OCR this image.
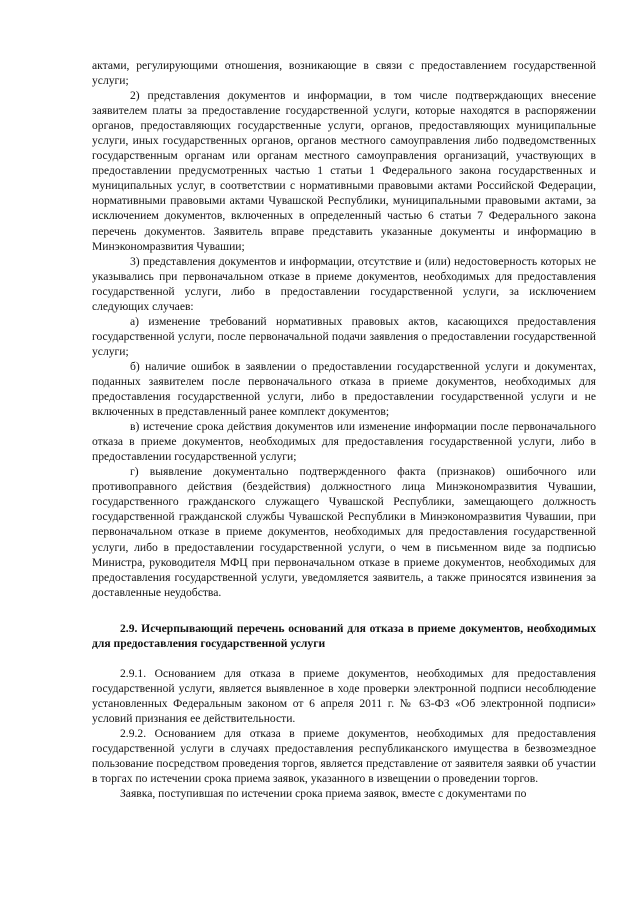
актами, регулирующими отношения, возникающие в связи с предоставлением государственной услуги;

2) представления документов и информации, в том числе подтверждающих внесение заявителем платы за предоставление государственной услуги, которые находятся в распоряжении органов, предоставляющих государственные услуги, органов, предоставляющих муниципальные услуги, иных государственных органов, органов местного самоуправления либо подведомственных государственным органам или органам местного самоуправления организаций, участвующих в предоставлении предусмотренных частью 1 статьи 1 Федерального закона государственных и муниципальных услуг, в соответствии с нормативными правовыми актами Российской Федерации, нормативными правовыми актами Чувашской Республики, муниципальными правовыми актами, за исключением документов, включенных в определенный частью 6 статьи 7 Федерального закона перечень документов. Заявитель вправе представить указанные документы и информацию в Минэкономразвития Чувашии;

3) представления документов и информации, отсутствие и (или) недостоверность которых не указывались при первоначальном отказе в приеме документов, необходимых для предоставления государственной услуги, либо в предоставлении государственной услуги, за исключением следующих случаев:

а) изменение требований нормативных правовых актов, касающихся предоставления государственной услуги, после первоначальной подачи заявления о предоставлении государственной услуги;

б) наличие ошибок в заявлении о предоставлении государственной услуги и документах, поданных заявителем после первоначального отказа в приеме документов, необходимых для предоставления государственной услуги, либо в предоставлении государственной услуги и не включенных в представленный ранее комплект документов;

в) истечение срока действия документов или изменение информации после первоначального отказа в приеме документов, необходимых для предоставления государственной услуги, либо в предоставлении государственной услуги;

г) выявление документально подтвержденного факта (признаков) ошибочного или противоправного действия (бездействия) должностного лица Минэкономразвития Чувашии, государственного гражданского служащего Чувашской Республики, замещающего должность государственной гражданской службы Чувашской Республики в Минэкономразвития Чувашии, при первоначальном отказе в приеме документов, необходимых для предоставления государственной услуги, либо в предоставлении государственной услуги, о чем в письменном виде за подписью Министра, руководителя МФЦ при первоначальном отказе в приеме документов, необходимых для предоставления государственной услуги, уведомляется заявитель, а также приносятся извинения за доставленные неудобства.

2.9. Исчерпывающий перечень оснований для отказа в приеме документов, необходимых для предоставления государственной услуги

2.9.1. Основанием для отказа в приеме документов, необходимых для предоставления государственной услуги, является выявленное в ходе проверки электронной подписи несоблюдение установленных Федеральным законом от 6 апреля 2011 г. № 63-ФЗ «Об электронной подписи» условий признания ее действительности.

2.9.2. Основанием для отказа в приеме документов, необходимых для предоставления государственной услуги в случаях предоставления республиканского имущества в безвозмездное пользование посредством проведения торгов, является представление от заявителя заявки об участии в торгах по истечении срока приема заявок, указанного в извещении о проведении торгов.

Заявка, поступившая по истечении срока приема заявок, вместе с документами по
